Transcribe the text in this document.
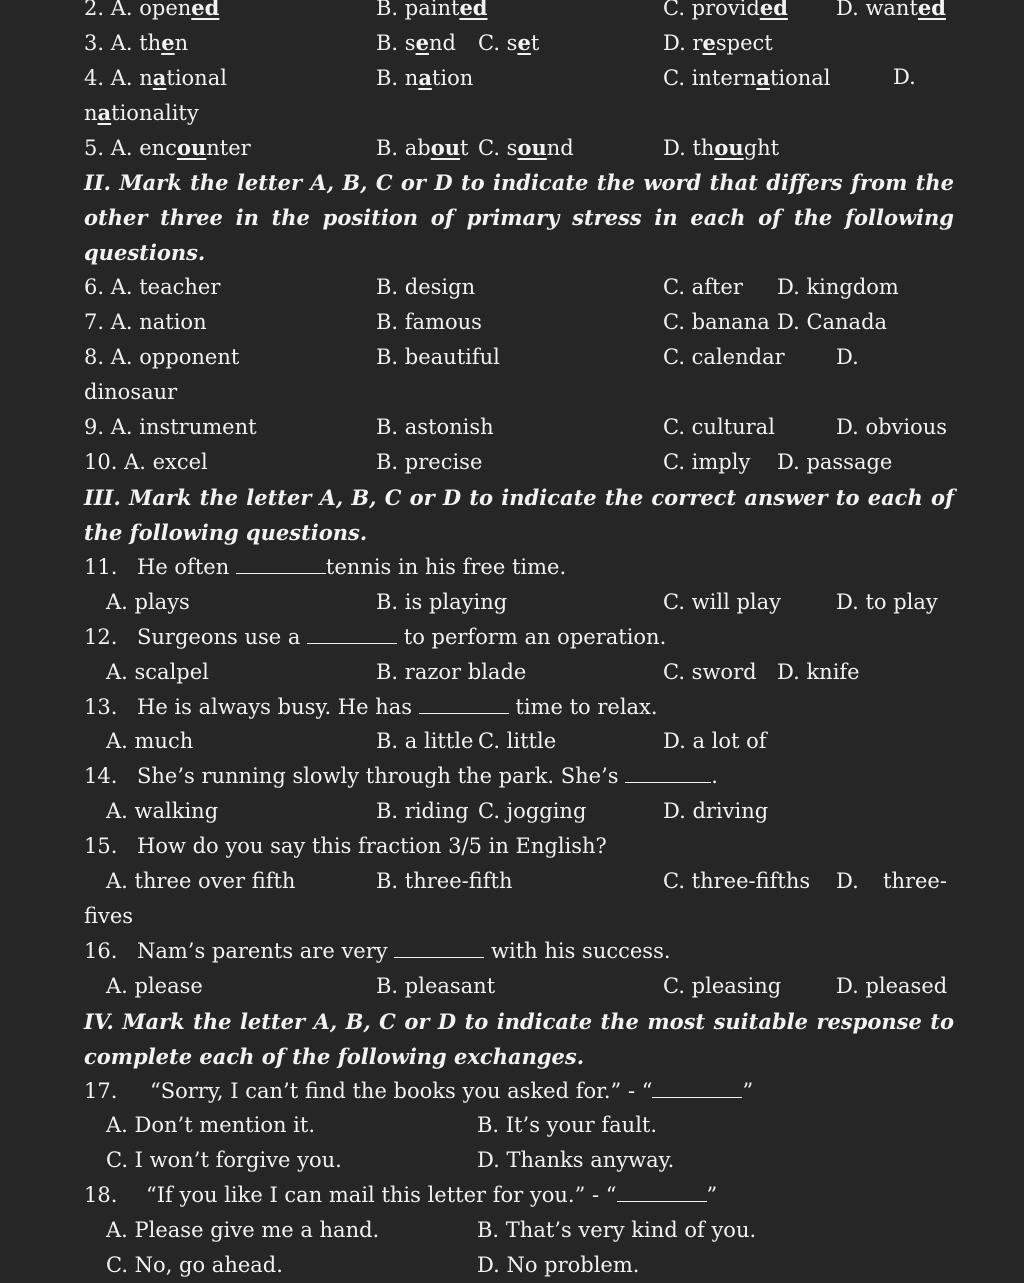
2. A. opened	B. painted	C. provided D. wanted
3. A. then	B. send C. set	D. respect
4. A. national	B. nation	C. international	D.
nationality
5. A. encounter	B. about C. sound	D. thought
II. Mark the letter A, B, C or D to indicate the word that differs from the other three in the position of primary stress in each of the following questions.
6. A. teacher	B. design	C. after D. kingdom
7. A. nation	B. famous	C. banana D. Canada
8. A. opponent	B. beautiful	C. calendar D.
dinosaur
9. A. instrument	B. astonish	C. cultural	D. obvious
10. A. excel	B. precise	C. imply D. passage
III. Mark the letter A, B, C or D to indicate the correct answer to each of the following questions.
11. He often	tennis in his free time.
A. plays	B. is playing	C. will play	D. to play
12. Surgeons use a	to perform an operation.
A. scalpel	B. razor blade	C. sword D. knife
13. He is always busy. He has	time to relax.
A. much	B. a little C. little	D. a lot of
14. She’s running slowly through the park. She’s	.
A. walking	B. riding C. jogging	D. driving
15. How do you say this fraction 3/5 in English?
A. three over fifth	B. three-fifth	C. three-fifths D. three-
fives
16. Nam’s parents are very	with his success.
A. please	B. pleasant	C. pleasing	D. pleased
IV. Mark the letter A, B, C or D to indicate the most suitable response to complete each of the following exchanges.
17. “Sorry, I can’t find the books you asked for.” - “	”
A. Don’t mention it.	B. It’s your fault.
C. I won’t forgive you.	D. Thanks anyway.
18. “If you like I can mail this letter for you.” - “	”
A. Please give me a hand.	B. That’s very kind of you.
C. No, go ahead.	D. No problem.
